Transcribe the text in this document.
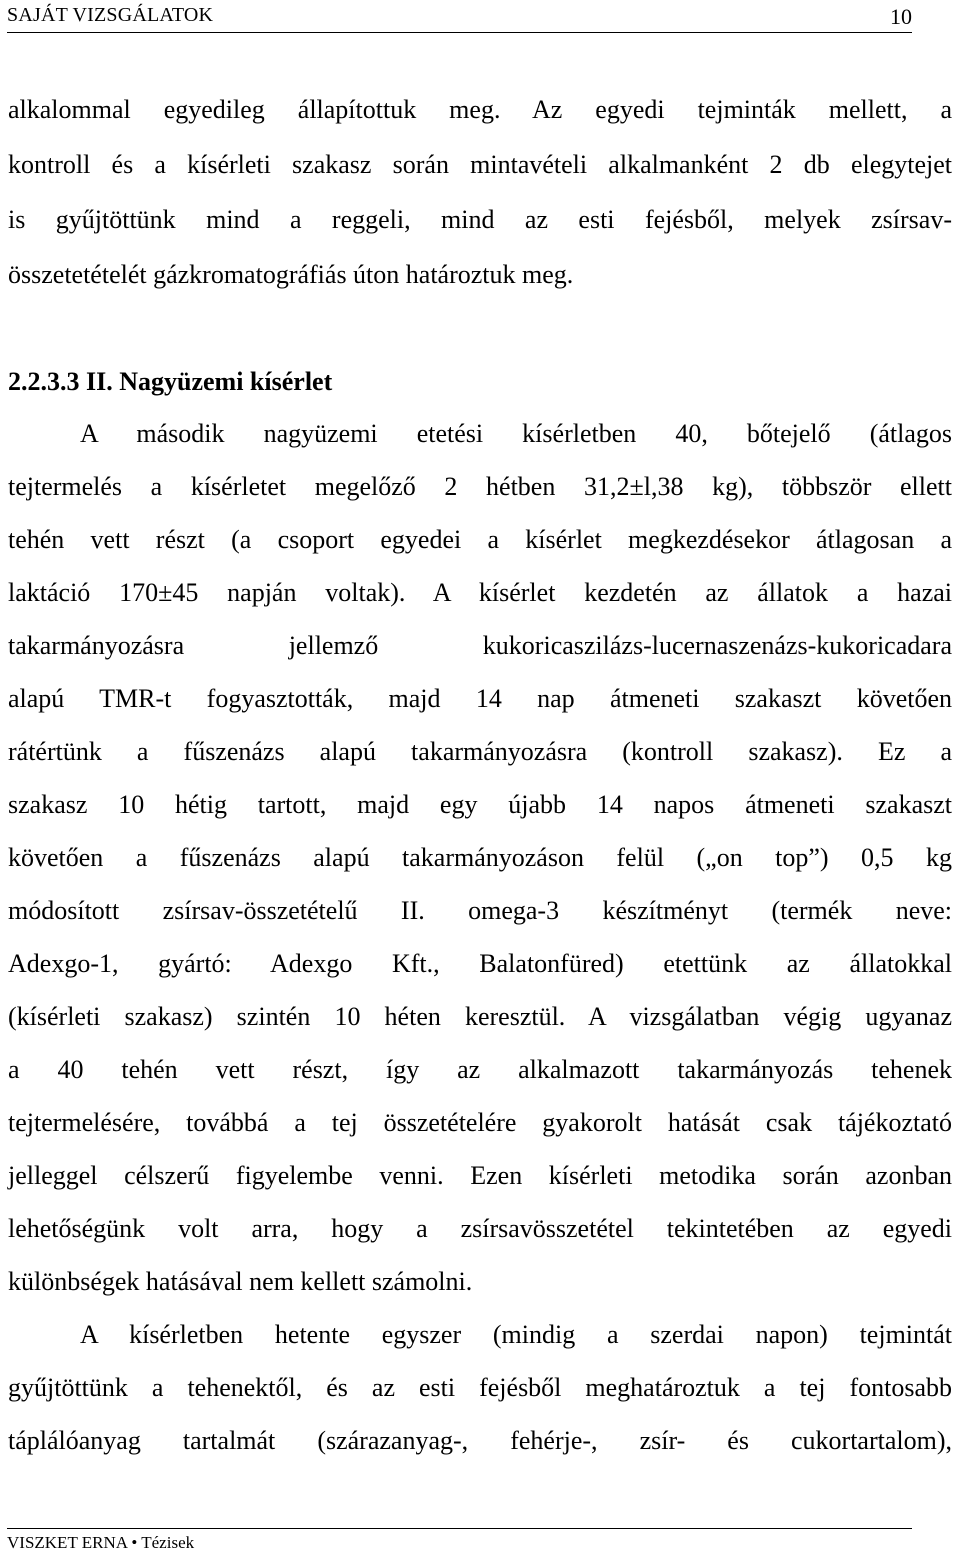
SAJÁT VIZSGÁLATOK	10

alkalommal egyedileg állapítottuk meg. Az egyedi tejminták mellett, a

kontroll és a kísérleti szakasz során mintavételi alkalmanként 2 db elegytejet

is gyűjtöttünk mind a reggeli, mind az esti fejésből, melyek zsírsav-

összetetételét gázkromatográfiás úton határoztuk meg.

2.2.3.3 II. Nagyüzemi kísérlet

A második nagyüzemi etetési kísérletben 40, bőtejelő (átlagos

tejtermelés a kísérletet megelőző 2 hétben 31,2±l,38 kg), többször ellett

tehén vett részt (a csoport egyedei a kísérlet megkezdésekor átlagosan a

laktáció 170±45 napján voltak). A kísérlet kezdetén az állatok a hazai

takarmányozásra jellemző kukoricaszilázs-lucernaszenázs-kukoricadara

alapú TMR-t fogyasztották, majd 14 nap átmeneti szakaszt követően

rátértünk a fűszenázs alapú takarmányozásra (kontroll szakasz). Ez a

szakasz 10 hétig tartott, majd egy újabb 14 napos átmeneti szakaszt

követően a fűszenázs alapú takarmányozáson felül („on top”) 0,5 kg

módosított zsírsav-összetételű II. omega-3 készítményt (termék neve:

Adexgo-1, gyártó: Adexgo Kft., Balatonfüred) etettünk az állatokkal

(kísérleti szakasz) szintén 10 héten keresztül. A vizsgálatban végig ugyanaz

a 40 tehén vett részt, így az alkalmazott takarmányozás tehenek

tejtermelésére, továbbá a tej összetételére gyakorolt hatását csak tájékoztató

jelleggel célszerű figyelembe venni. Ezen kísérleti metodika során azonban

lehetőségünk volt arra, hogy a zsírsavösszetétel tekintetében az egyedi

különbségek hatásával nem kellett számolni.

A kísérletben hetente egyszer (mindig a szerdai napon) tejmintát

gyűjtöttünk a tehenektől, és az esti fejésből meghatároztuk a tej fontosabb

táplálóanyag tartalmát (szárazanyag-, fehérje-, zsír- és cukortartalom),

VISZKET ERNA • Tézisek
